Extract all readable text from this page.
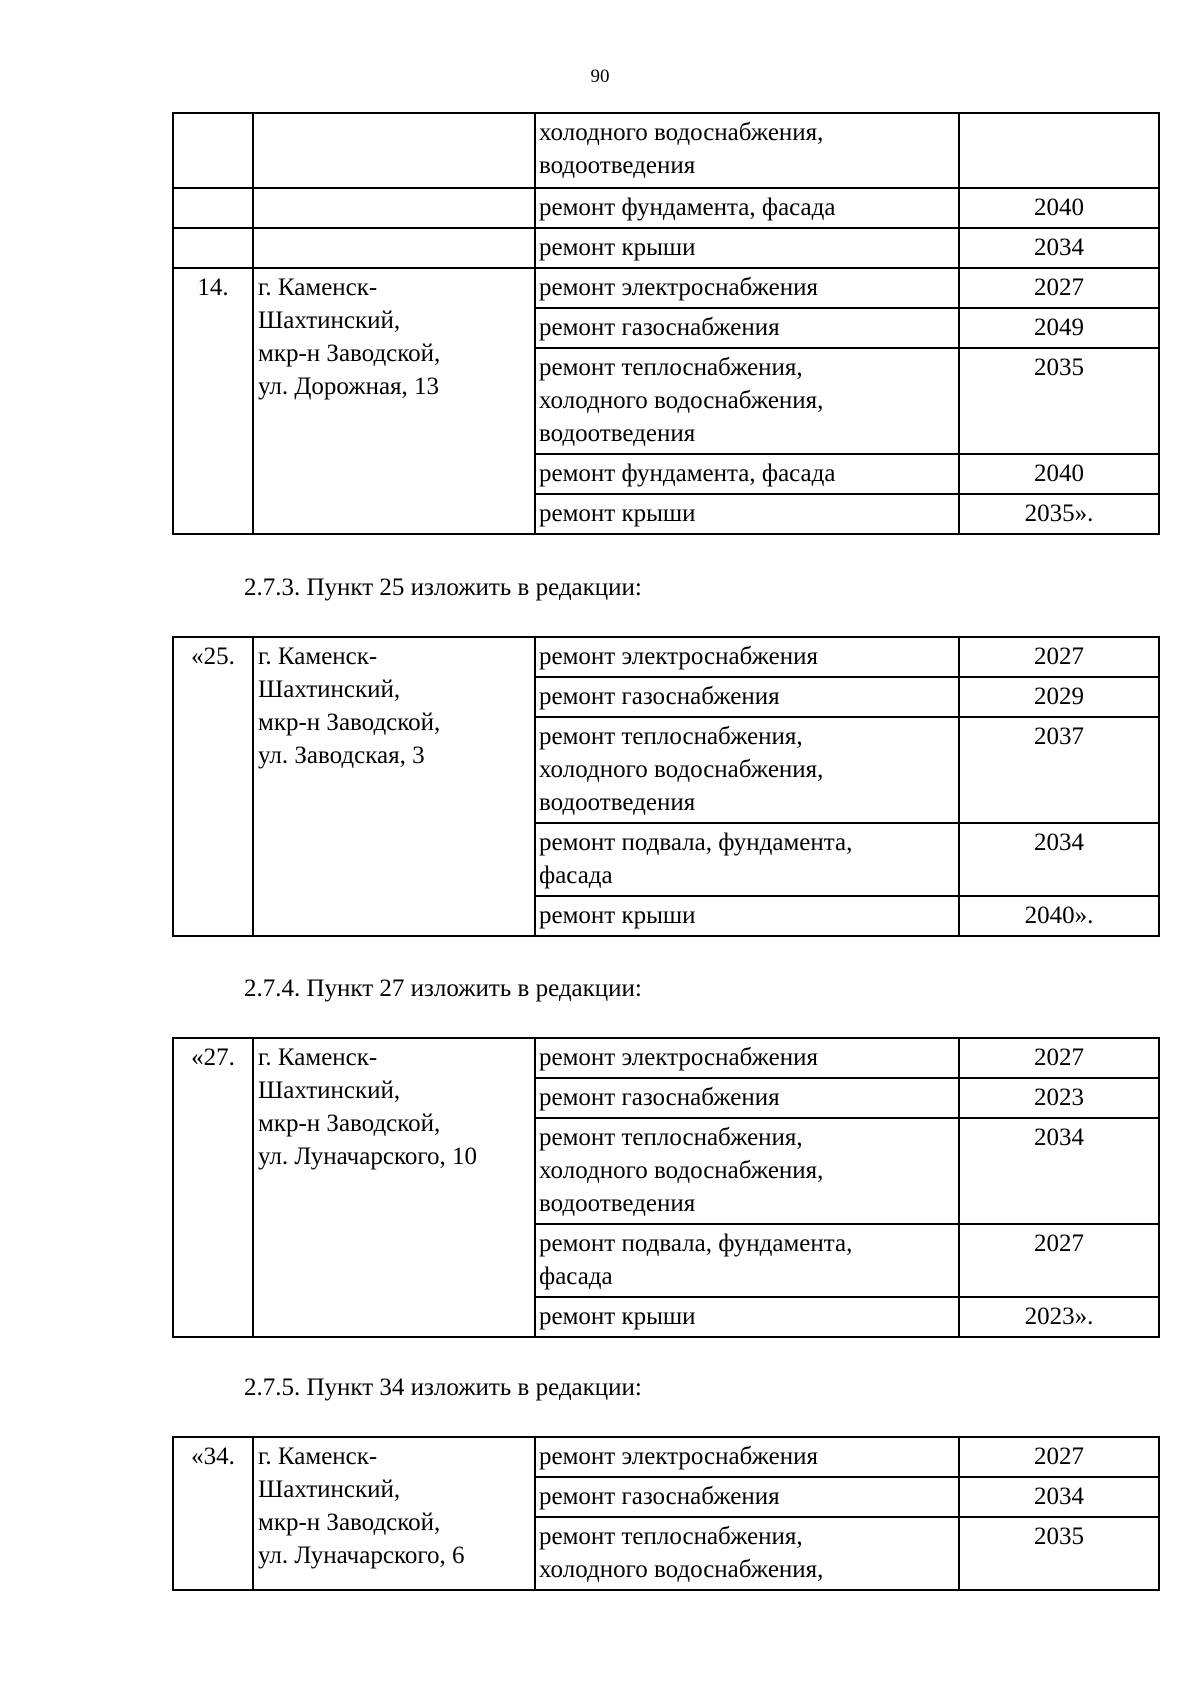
90
		холодного водоснабжения,
водоотведения	
		ремонт фундамента, фасада	2040
		ремонт крыши	2034
14.	г. Каменск-
Шахтинский,
мкр-н Заводской,
ул. Дорожная, 13	ремонт электроснабжения	2027
		ремонт газоснабжения	2049
		ремонт теплоснабжения,
холодного водоснабжения,
водоотведения	2035
		ремонт фундамента, фасада	2040
		ремонт крыши	2035».
2.7.3. Пункт 25 изложить в редакции:
«25.	г. Каменск-
Шахтинский,
мкр-н Заводской,
ул. Заводская, 3	ремонт электроснабжения	2027
		ремонт газоснабжения	2029
		ремонт теплоснабжения,
холодного водоснабжения,
водоотведения	2037
		ремонт подвала, фундамента,
фасада	2034
		ремонт крыши	2040».
2.7.4. Пункт 27 изложить в редакции:
«27.	г. Каменск-
Шахтинский,
мкр-н Заводской,
ул. Луначарского, 10	ремонт электроснабжения	2027
		ремонт газоснабжения	2023
		ремонт теплоснабжения,
холодного водоснабжения,
водоотведения	2034
		ремонт подвала, фундамента,
фасада	2027
		ремонт крыши	2023».
2.7.5. Пункт 34 изложить в редакции:
«34.	г. Каменск-
Шахтинский,
мкр-н Заводской,
ул. Луначарского, 6	ремонт электроснабжения	2027
		ремонт газоснабжения	2034
		ремонт теплоснабжения,
холодного водоснабжения,	2035
